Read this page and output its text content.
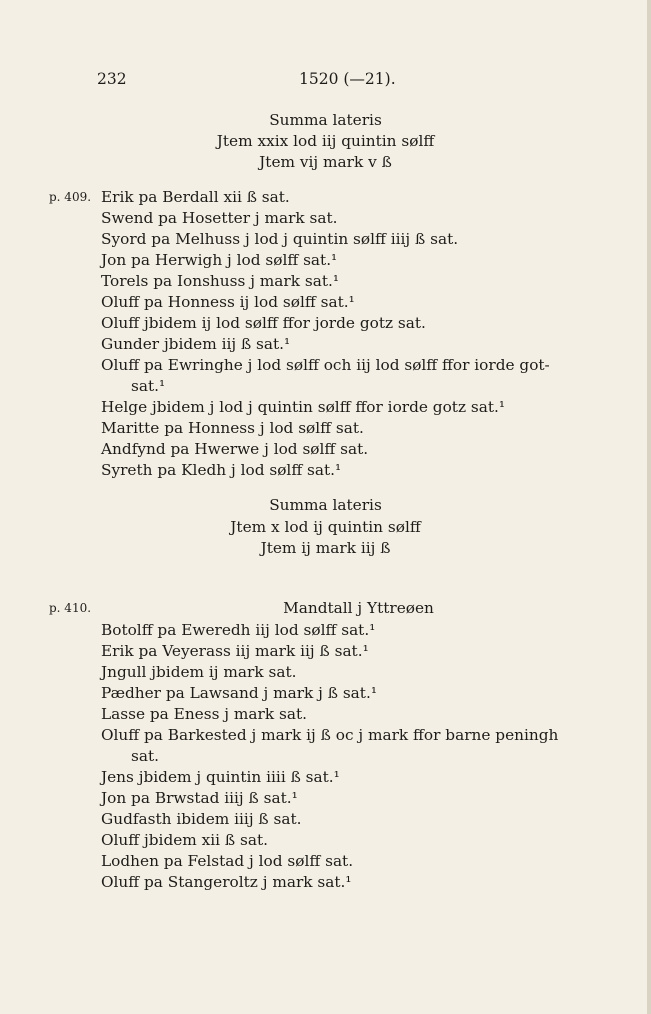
232	1520 (—21).
Summa lateris
Jtem xxix lod iij quintin sølff
Jtem vij mark v ß
p. 409. Erik pa Berdall xii ß sat.
Swend pa Hosetter j mark sat.
Syord pa Melhuss j lod j quintin sølff iiij ß sat.
Jon pa Herwigh j lod sølff sat.¹
Torels pa Ionshuss j mark sat.¹
Oluff pa Honness ij lod sølff sat.¹
Oluff jbidem ij lod sølff ffor jorde gotz sat.
Gunder jbidem iij ß sat.¹
Oluff pa Ewringhe j lod sølff och iij lod sølff ffor iorde got-
sat.¹
Helge jbidem j lod j quintin sølff ffor iorde gotz sat.¹
Maritte pa Honness j lod sølff sat.
Andfynd pa Hwerwe j lod sølff sat.
Syreth pa Kledh j lod sølff sat.¹
Summa lateris
Jtem x lod ij quintin sølff
Jtem ij mark iij ß
p. 410.	Mandtall j Yttreøen
Botolff pa Eweredh iij lod sølff sat.¹
Erik pa Veyerass iij mark iij ß sat.¹
Jngull jbidem ij mark sat.
Pædher pa Lawsand j mark j ß sat.¹
Lasse pa Eness j mark sat.
Oluff pa Barkested j mark ij ß oc j mark ffor barne peningh
sat.
Jens jbidem j quintin iiii ß sat.¹
Jon pa Brwstad iiij ß sat.¹
Gudfasth ibidem iiij ß sat.
Oluff jbidem xii ß sat.
Lodhen pa Felstad j lod sølff sat.
Oluff pa Stangeroltz j mark sat.¹
